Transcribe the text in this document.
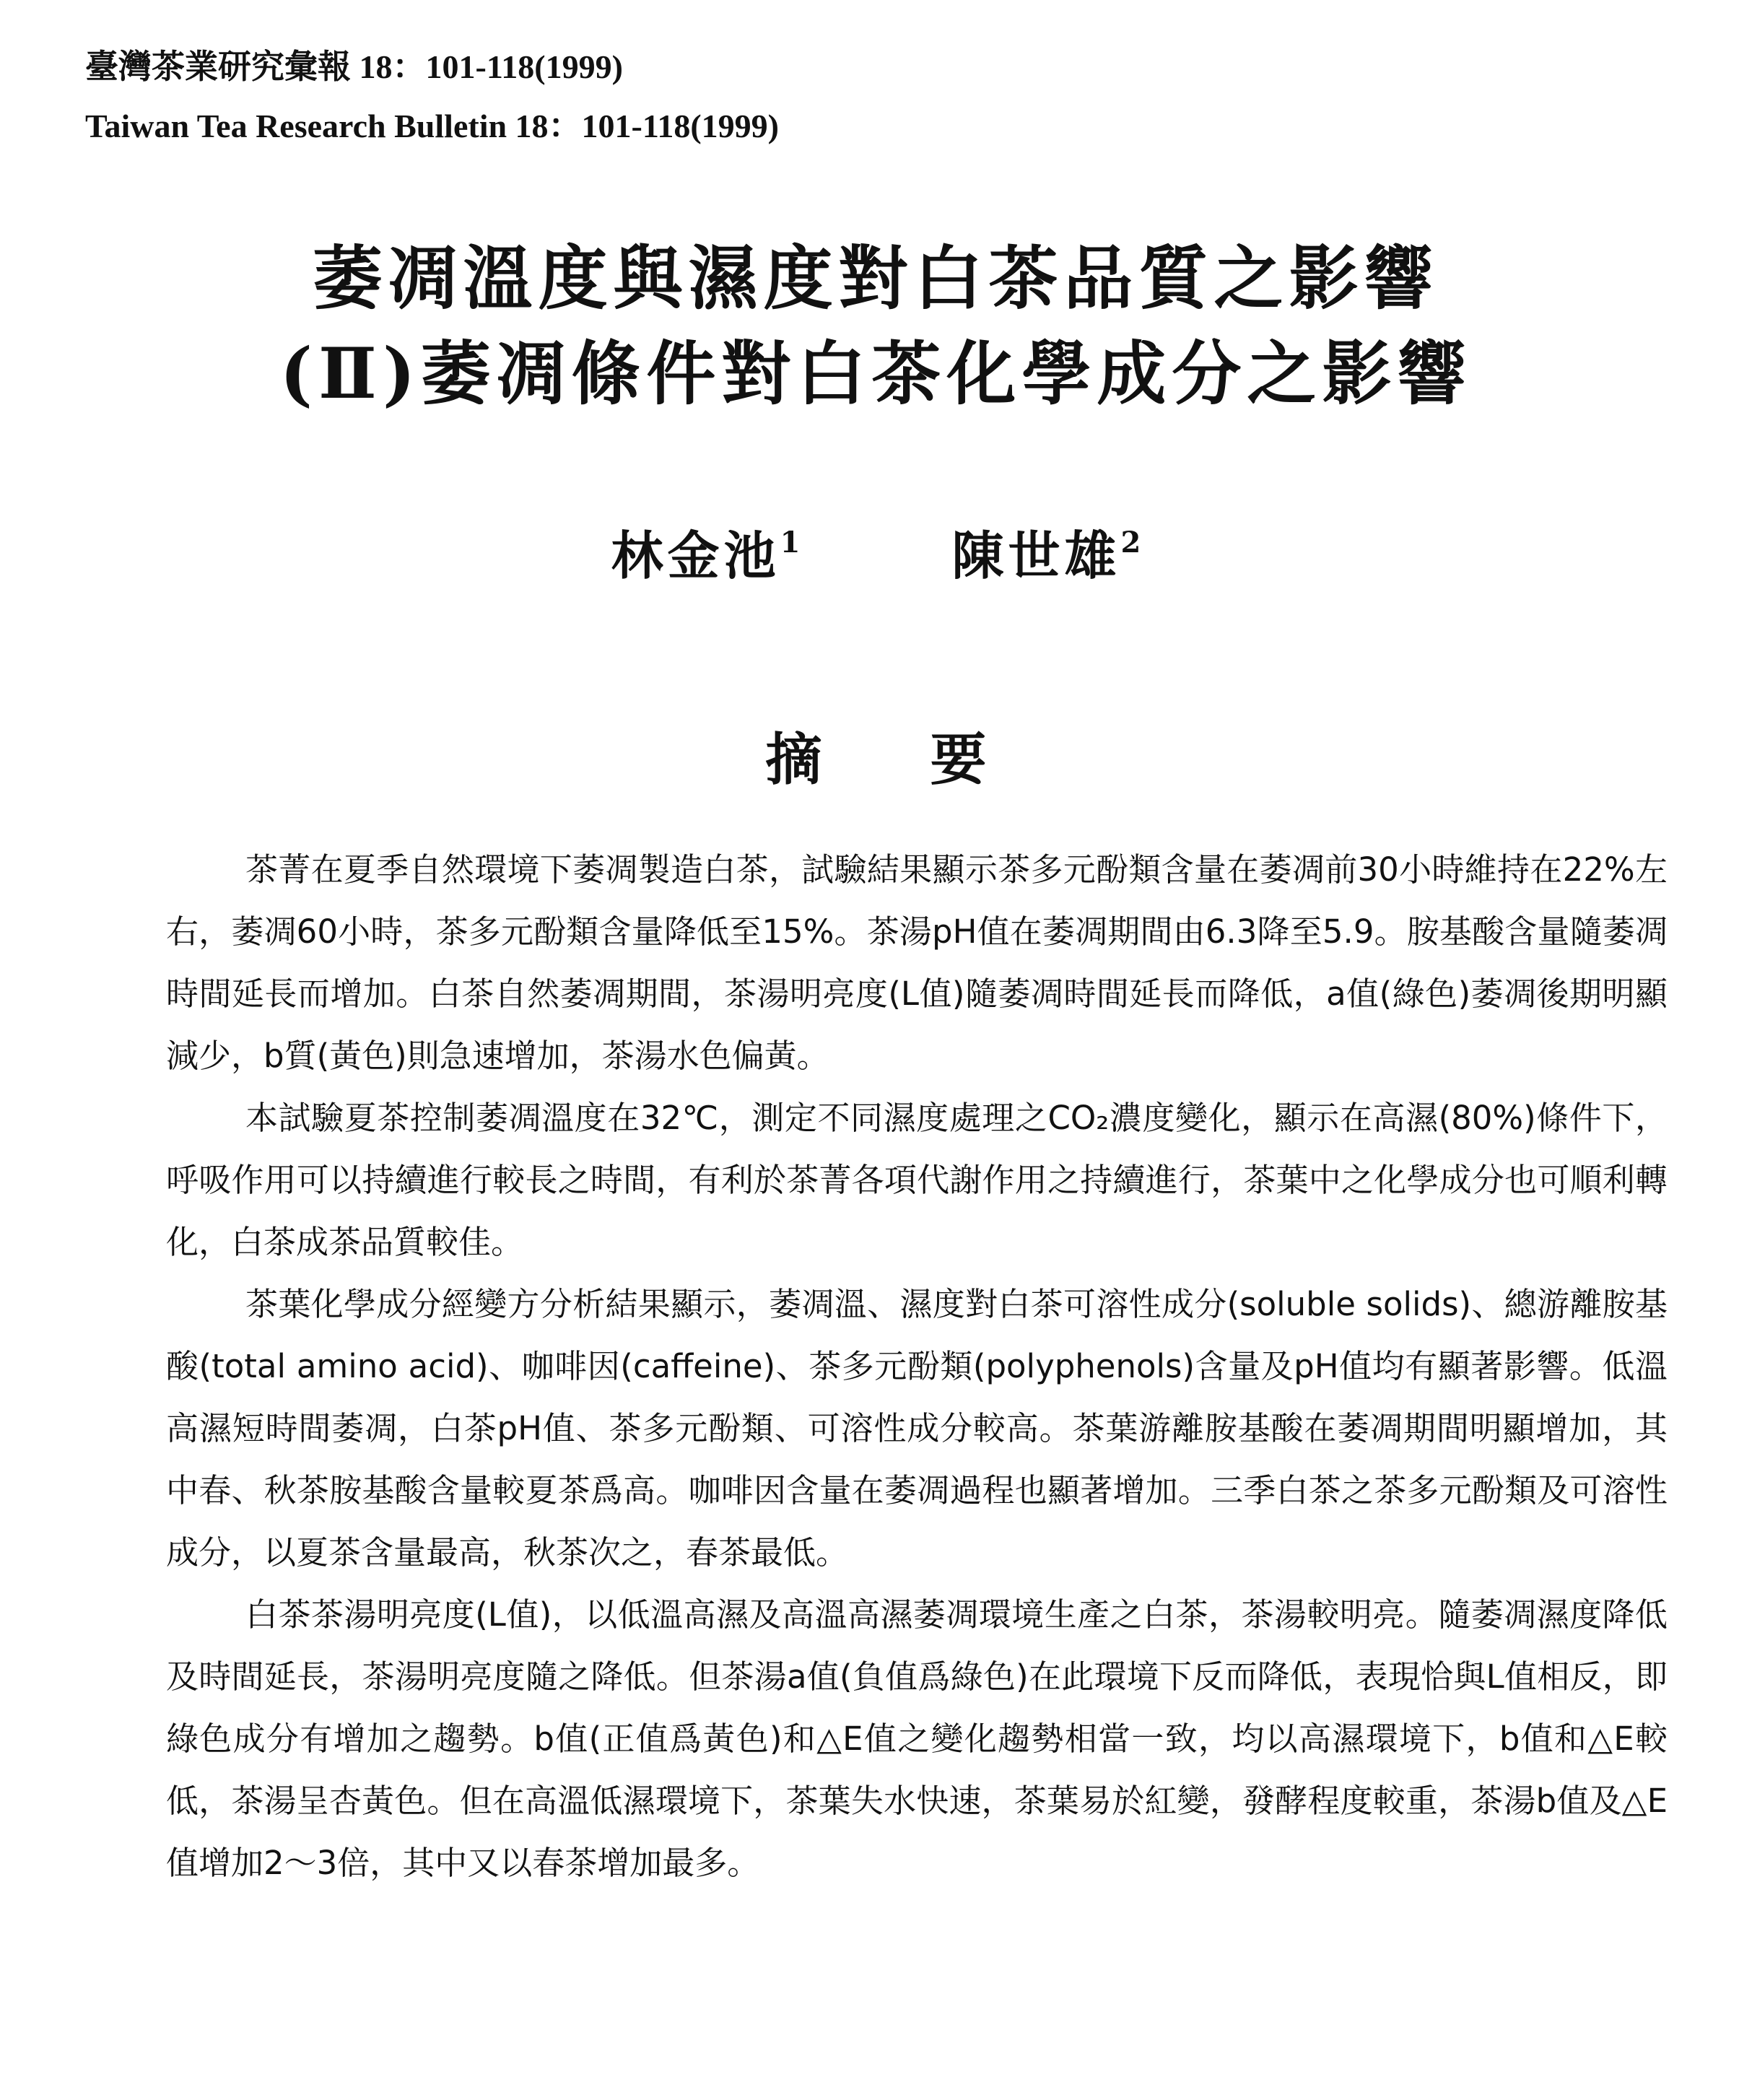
臺灣茶業研究彙報 18：101-118(1999)
Taiwan Tea Research Bulletin 18：101-118(1999)
萎凋溫度與濕度對白茶品質之影響
(Ⅱ)萎凋條件對白茶化學成分之影響
林金池$^1$	陳世雄$^2$
摘要

茶菁在夏季自然環境下萎凋製造白茶，試驗結果顯示茶多元酚類含量在萎凋前30小時維持在22%左右，萎凋60小時，茶多元酚類含量降低至15%。茶湯pH值在萎凋期間由6.3降至5.9。胺基酸含量隨萎凋時間延長而增加。白茶自然萎凋期間，茶湯明亮度(L值)隨萎凋時間延長而降低，a值(綠色)萎凋後期明顯減少，b質(黃色)則急速增加，茶湯水色偏黃。

本試驗夏茶控制萎凋溫度在32℃，測定不同濕度處理之CO₂濃度變化，顯示在高濕(80%)條件下，呼吸作用可以持續進行較長之時間，有利於茶菁各項代謝作用之持續進行，茶葉中之化學成分也可順利轉化，白茶成茶品質較佳。

茶葉化學成分經變方分析結果顯示，萎凋溫、濕度對白茶可溶性成分(soluble solids)、總游離胺基酸(total amino acid)、咖啡因(caffeine)、茶多元酚類(polyphenols)含量及pH值均有顯著影響。低溫高濕短時間萎凋，白茶pH值、茶多元酚類、可溶性成分較高。茶葉游離胺基酸在萎凋期間明顯增加，其中春、秋茶胺基酸含量較夏茶爲高。咖啡因含量在萎凋過程也顯著增加。三季白茶之茶多元酚類及可溶性成分，以夏茶含量最高，秋茶次之，春茶最低。

白茶茶湯明亮度(L值)，以低溫高濕及高溫高濕萎凋環境生產之白茶，茶湯較明亮。隨萎凋濕度降低及時間延長，茶湯明亮度隨之降低。但茶湯a值(負值爲綠色)在此環境下反而降低，表現恰與L值相反，即綠色成分有增加之趨勢。b值(正值爲黃色)和△E值之變化趨勢相當一致，均以高濕環境下，b值和△E較低，茶湯呈杏黃色。但在高溫低濕環境下，茶葉失水快速，茶葉易於紅變，發酵程度較重，茶湯b值及△E值增加2～3倍，其中又以春茶增加最多。
